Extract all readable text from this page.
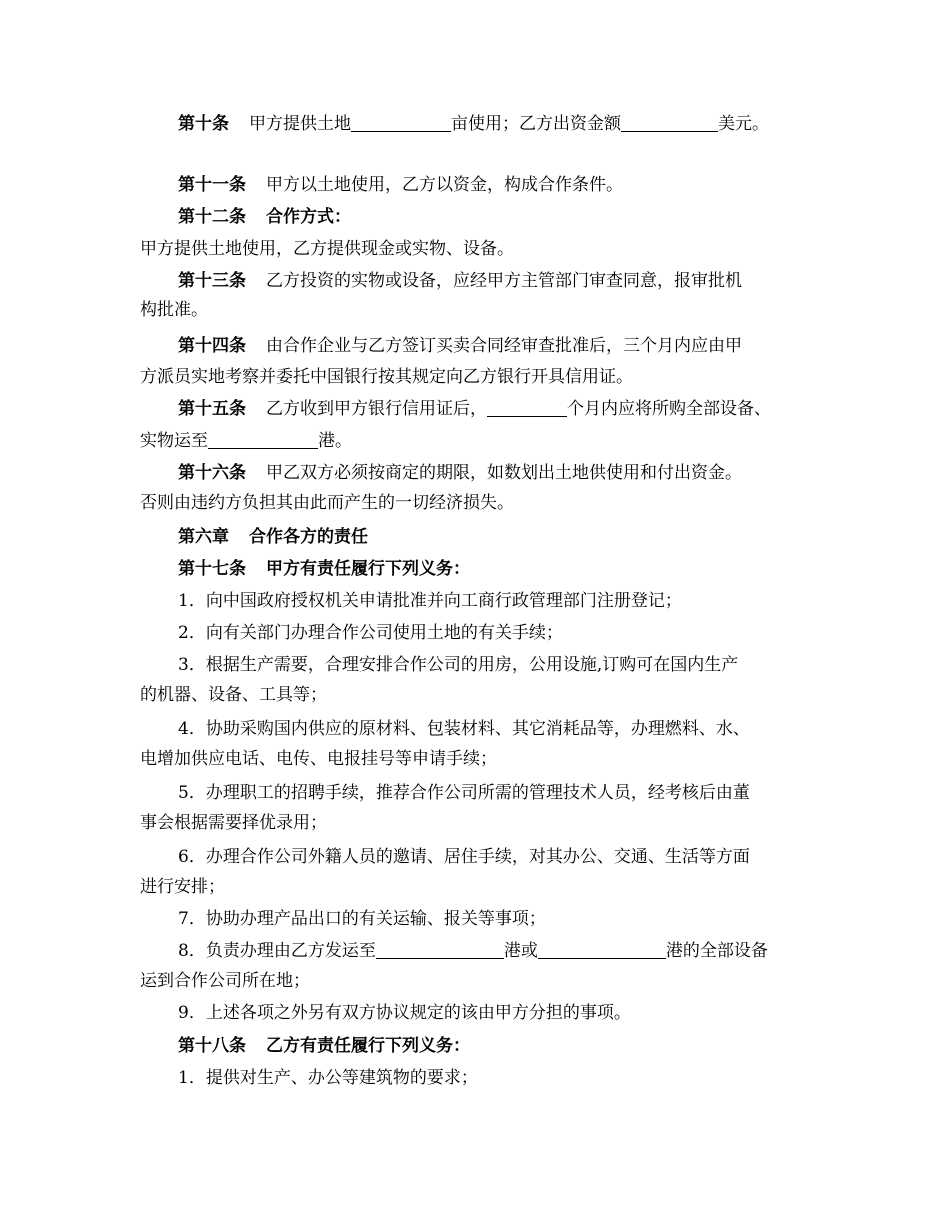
第十条 甲方提供土地	亩使用；乙方出资金额	美元。
第十一条 甲方以土地使用，乙方以资金，构成合作条件。
第十二条 合作方式：
甲方提供土地使用，乙方提供现金或实物、设备。
第十三条 乙方投资的实物或设备，应经甲方主管部门审查同意，报审批机
构批准。
第十四条 由合作企业与乙方签订买卖合同经审查批准后，三个月内应由甲
方派员实地考察并委托中国银行按其规定向乙方银行开具信用证。
第十五条 乙方收到甲方银行信用证后，	个月内应将所购全部设备、
实物运至	港。
第十六条 甲乙双方必须按商定的期限，如数划出土地供使用和付出资金。
否则由违约方负担其由此而产生的一切经济损失。
第六章 合作各方的责任
第十七条 甲方有责任履行下列义务：
1．向中国政府授权机关申请批准并向工商行政管理部门注册登记；
2．向有关部门办理合作公司使用土地的有关手续；
3．根据生产需要，合理安排合作公司的用房，公用设施,订购可在国内生产
的机器、设备、工具等；
4．协助采购国内供应的原材料、包装材料、其它消耗品等，办理燃料、水、
电增加供应电话、电传、电报挂号等申请手续；
5．办理职工的招聘手续，推荐合作公司所需的管理技术人员，经考核后由董
事会根据需要择优录用；
6．办理合作公司外籍人员的邀请、居住手续，对其办公、交通、生活等方面
进行安排；
7．协助办理产品出口的有关运输、报关等事项；
8．负责办理由乙方发运至	港或	港的全部设备
运到合作公司所在地；
9．上述各项之外另有双方协议规定的该由甲方分担的事项。
第十八条 乙方有责任履行下列义务：
1．提供对生产、办公等建筑物的要求；
